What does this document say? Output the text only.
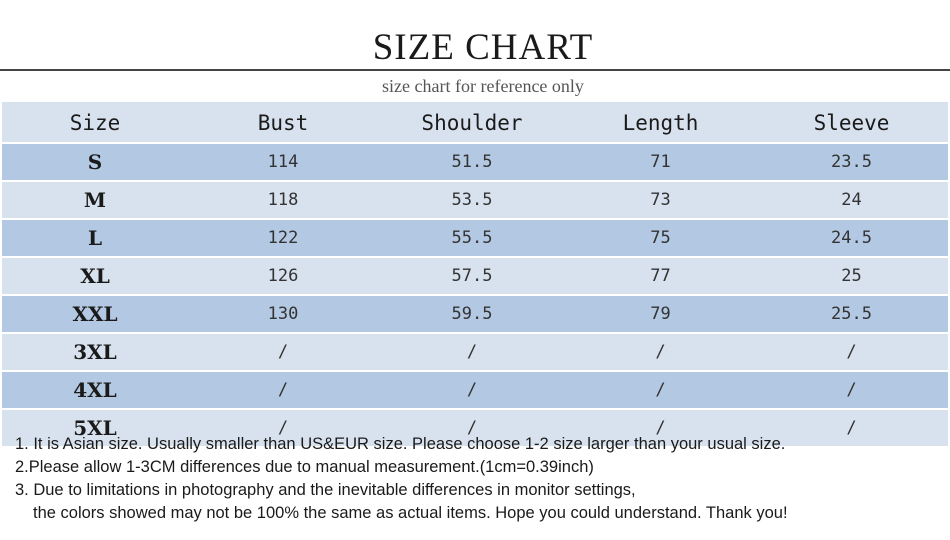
SIZE CHART
size chart for reference only
Size	Bust	Shoulder	Length	Sleeve
S	114	51.5	71	23.5
M	118	53.5	73	24
L	122	55.5	75	24.5
XL	126	57.5	77	25
XXL	130	59.5	79	25.5
3XL	/	/	/	/
4XL	/	/	/	/
5XL	/	/	/	/
1. It is Asian size. Usually smaller than US&EUR size. Please choose 1-2 size larger than your usual size.
2.Please allow 1-3CM differences due to manual measurement.(1cm=0.39inch)
3. Due to limitations in photography and the inevitable differences in monitor settings,
the colors showed may not be 100% the same as actual items. Hope you could understand. Thank you!
